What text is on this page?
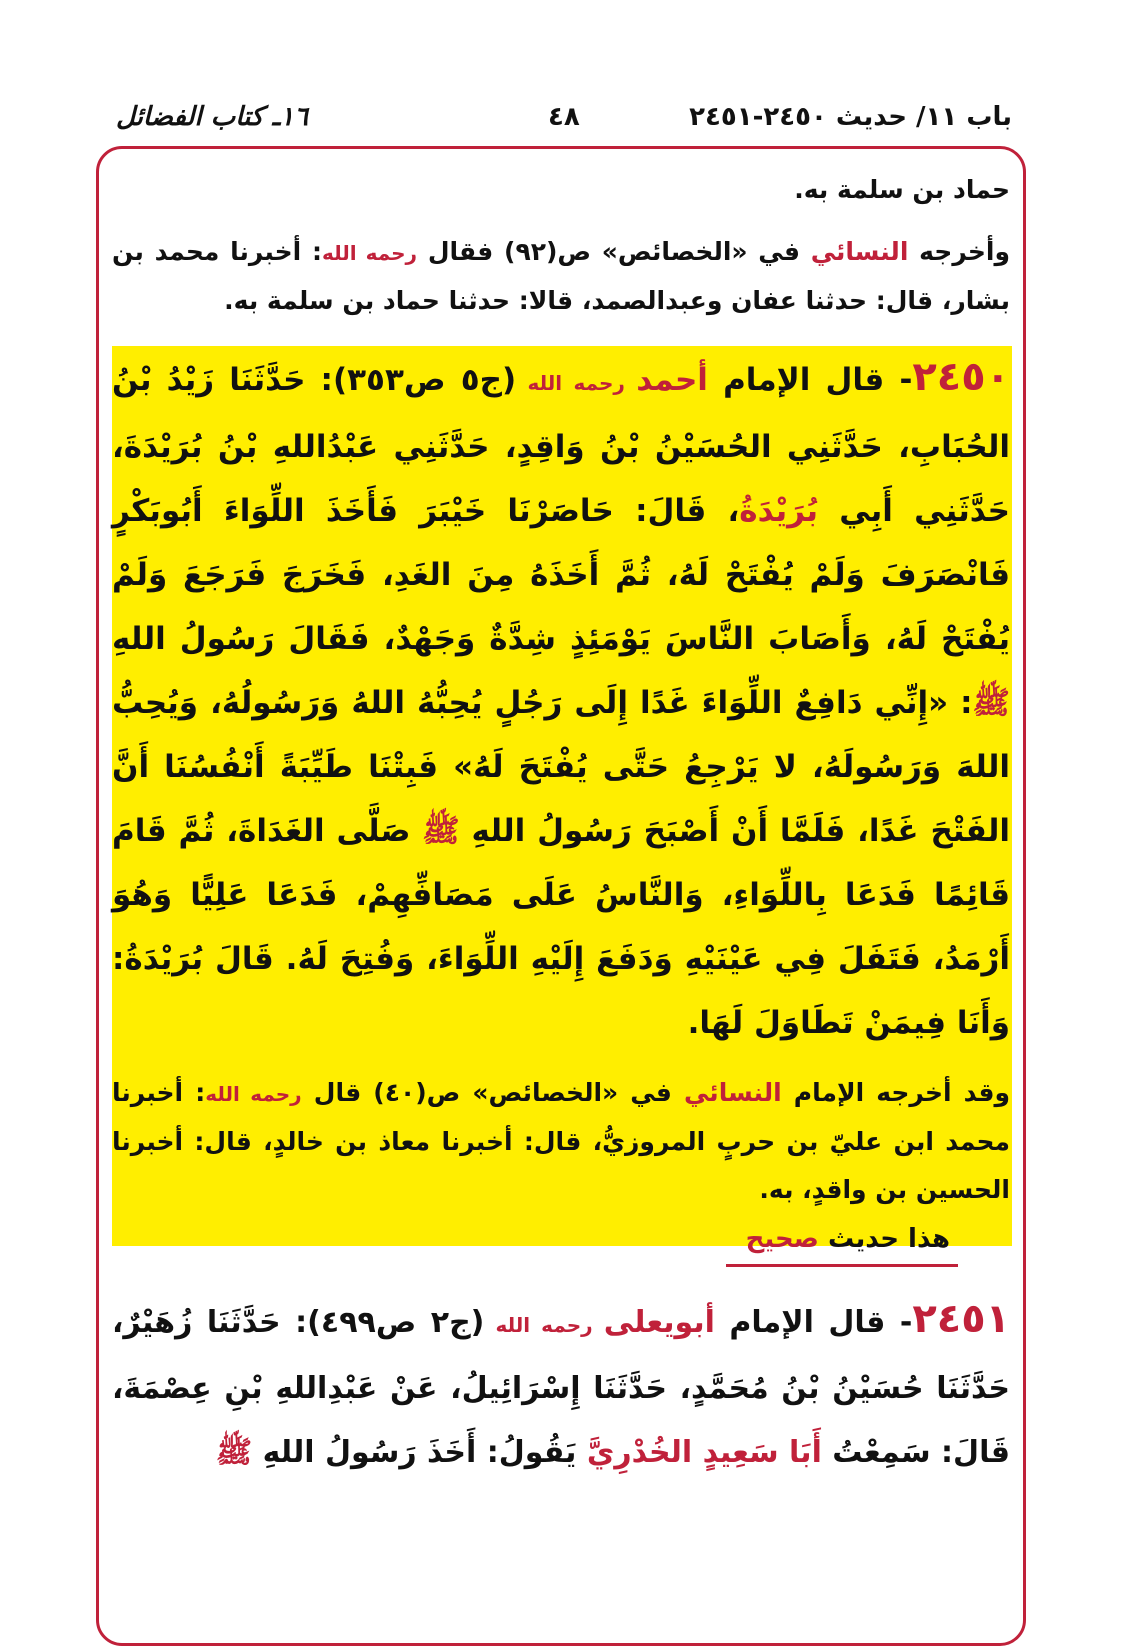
باب ١١/ حديث ٢٤٥٠-٢٤٥١
٤٨
١٦ـ كتاب الفضائل

حماد بن سلمة به.

وأخرجه النسائي في «الخصائص» ص(٩٢) فقال رحمه الله: أخبرنا محمد بن بشار، قال: حدثنا عفان وعبدالصمد، قالا: حدثنا حماد بن سلمة به.

٢٤٥٠- قال الإمام أحمد رحمه الله (ج٥ ص٣٥٣): حَدَّثَنَا زَيْدُ بْنُ الحُبَابِ، حَدَّثَنِي الحُسَيْنُ بْنُ وَاقِدٍ، حَدَّثَنِي عَبْدُاللهِ بْنُ بُرَيْدَةَ، حَدَّثَنِي أَبِي بُرَيْدَةُ، قَالَ: حَاصَرْنَا خَيْبَرَ فَأَخَذَ اللِّوَاءَ أَبُوبَكْرٍ فَانْصَرَفَ وَلَمْ يُفْتَحْ لَهُ، ثُمَّ أَخَذَهُ مِنَ الغَدِ، فَخَرَجَ فَرَجَعَ وَلَمْ يُفْتَحْ لَهُ، وَأَصَابَ النَّاسَ يَوْمَئِذٍ شِدَّةٌ وَجَهْدٌ، فَقَالَ رَسُولُ اللهِ ﷺ: «إِنِّي دَافِعٌ اللِّوَاءَ غَدًا إِلَى رَجُلٍ يُحِبُّهُ اللهُ وَرَسُولُهُ، وَيُحِبُّ اللهَ وَرَسُولَهُ، لا يَرْجِعُ حَتَّى يُفْتَحَ لَهُ» فَبِتْنَا طَيِّبَةً أَنْفُسُنَا أَنَّ الفَتْحَ غَدًا، فَلَمَّا أَنْ أَصْبَحَ رَسُولُ اللهِ ﷺ صَلَّى الغَدَاةَ، ثُمَّ قَامَ قَائِمًا فَدَعَا بِاللِّوَاءِ، وَالنَّاسُ عَلَى مَصَافِّهِمْ، فَدَعَا عَلِيًّا وَهُوَ أَرْمَدُ، فَتَفَلَ فِي عَيْنَيْهِ وَدَفَعَ إِلَيْهِ اللِّوَاءَ، وَفُتِحَ لَهُ. قَالَ بُرَيْدَةُ: وَأَنَا فِيمَنْ تَطَاوَلَ لَهَا.

وقد أخرجه الإمام النسائي في «الخصائص» ص(٤٠) قال رحمه الله: أخبرنا محمد ابن عليّ بن حربٍ المروزيُّ، قال: أخبرنا معاذ بن خالدٍ، قال: أخبرنا الحسين بن واقدٍ، به.

هذا حديث صحيح

٢٤٥١- قال الإمام أبويعلى رحمه الله (ج٢ ص٤٩٩): حَدَّثَنَا زُهَيْرٌ، حَدَّثَنَا حُسَيْنُ بْنُ مُحَمَّدٍ، حَدَّثَنَا إِسْرَائِيلُ، عَنْ عَبْدِاللهِ بْنِ عِصْمَةَ، قَالَ: سَمِعْتُ أَبَا سَعِيدٍ الخُدْرِيَّ يَقُولُ: أَخَذَ رَسُولُ اللهِ ﷺ
